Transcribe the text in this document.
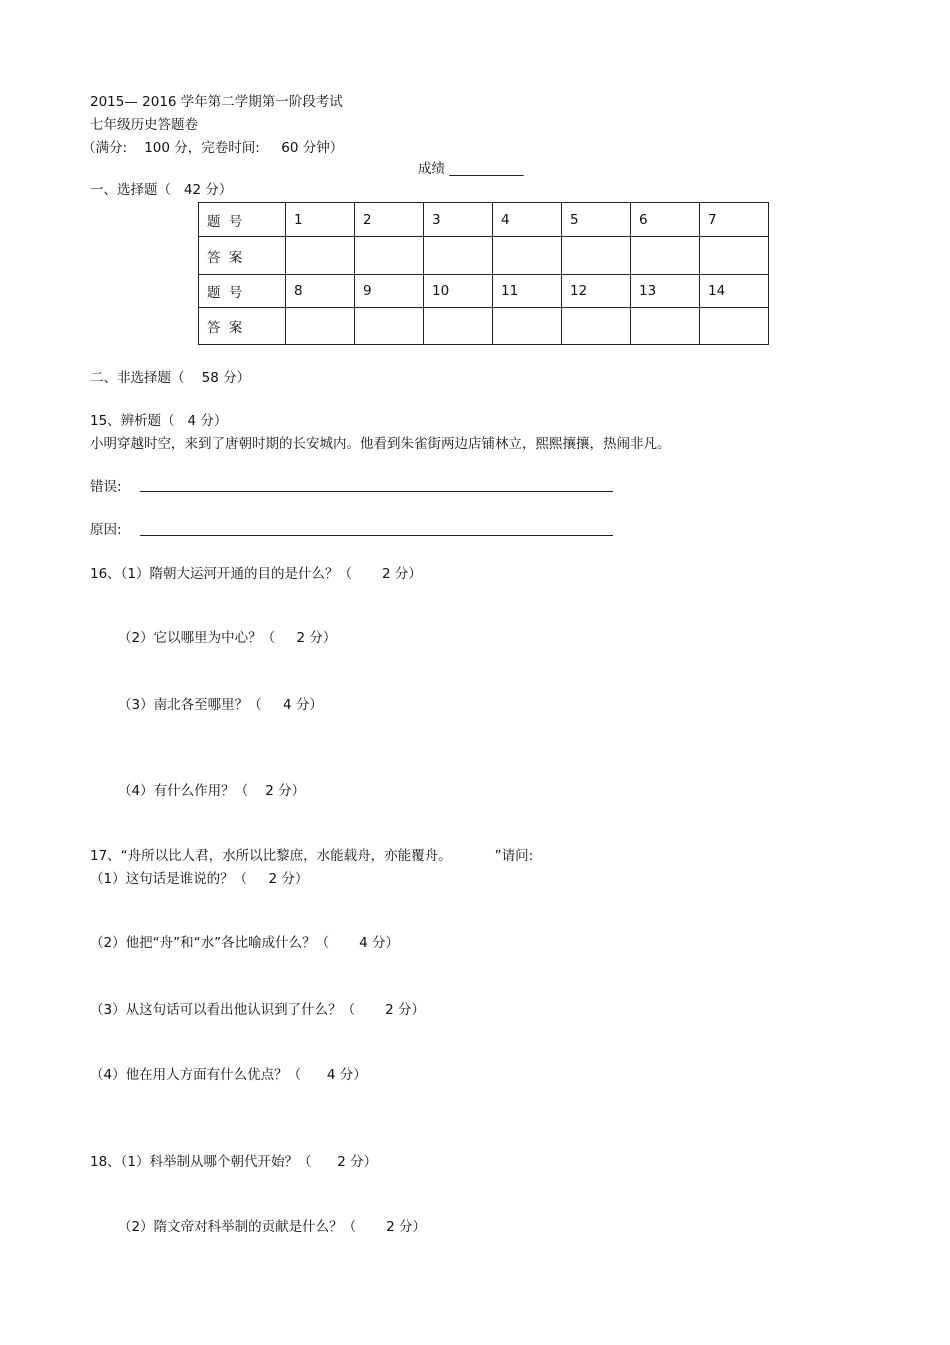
2015— 2016 学年第二学期第一阶段考试
七年级历史答题卷
（满分:    100 分，完卷时间:     60 分钟）
成绩 ___________
一、选择题（   42 分）
题 号	1	2	3	4	5	6	7
答 案							
题 号	8	9	10	11	12	13	14
答 案							
二、非选择题（    58 分）
15、辨析题（   4 分）
小明穿越时空，来到了唐朝时期的长安城内。他看到朱雀街两边店铺林立，熙熙攘攘，热闹非凡。
错误:
原因:
16、（1）隋朝大运河开通的目的是什么？（       2 分）
（2）它以哪里为中心？（     2 分）
（3）南北各至哪里？（     4 分）
（4）有什么作用？（    2 分）
17、“舟所以比人君，水所以比黎庶，水能载舟，亦能覆舟。          ”请问:
（1）这句话是谁说的？（     2 分）
（2）他把“舟”和“水”各比喻成什么？（       4 分）
（3）从这句话可以看出他认识到了什么？（       2 分）
（4）他在用人方面有什么优点？（      4 分）
18、（1）科举制从哪个朝代开始？（      2 分）
（2）隋文帝对科举制的贡献是什么？（       2 分）
